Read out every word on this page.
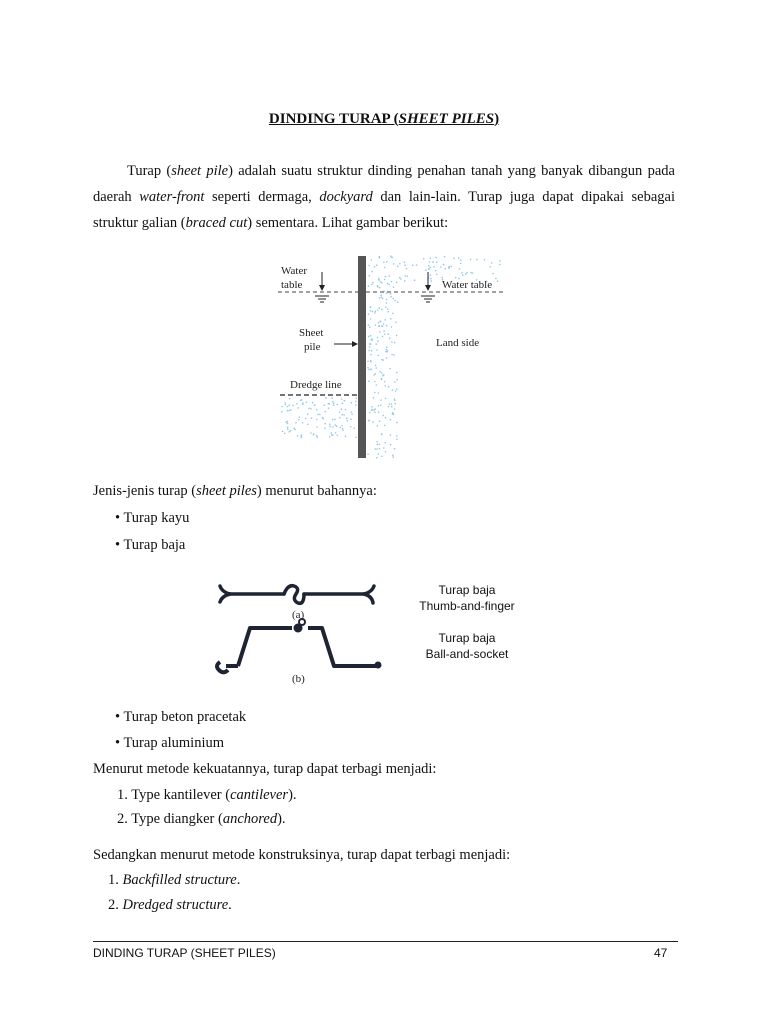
DINDING TURAP (SHEET PILES)
Turap (sheet pile) adalah suatu struktur dinding penahan tanah yang banyak dibangun pada daerah water-front seperti dermaga, dockyard dan lain-lain. Turap juga dapat dipakai sebagai struktur galian (braced cut) sementara. Lihat gambar berikut:
Water
table	Water table
Sheet
pile	Land side
Dredge line
Jenis-jenis turap (sheet piles) menurut bahannya:
• Turap kayu
• Turap baja
(a)
(b)
Turap baja
Thumb-and-finger
Turap baja
Ball-and-socket
• Turap beton pracetak
• Turap aluminium
Menurut metode kekuatannya, turap dapat terbagi menjadi:
1. Type kantilever (cantilever).
2. Type diangker (anchored).
Sedangkan menurut metode konstruksinya, turap dapat terbagi menjadi:
1. Backfilled structure.
2. Dredged structure.
DINDING TURAP (SHEET PILES)	47
